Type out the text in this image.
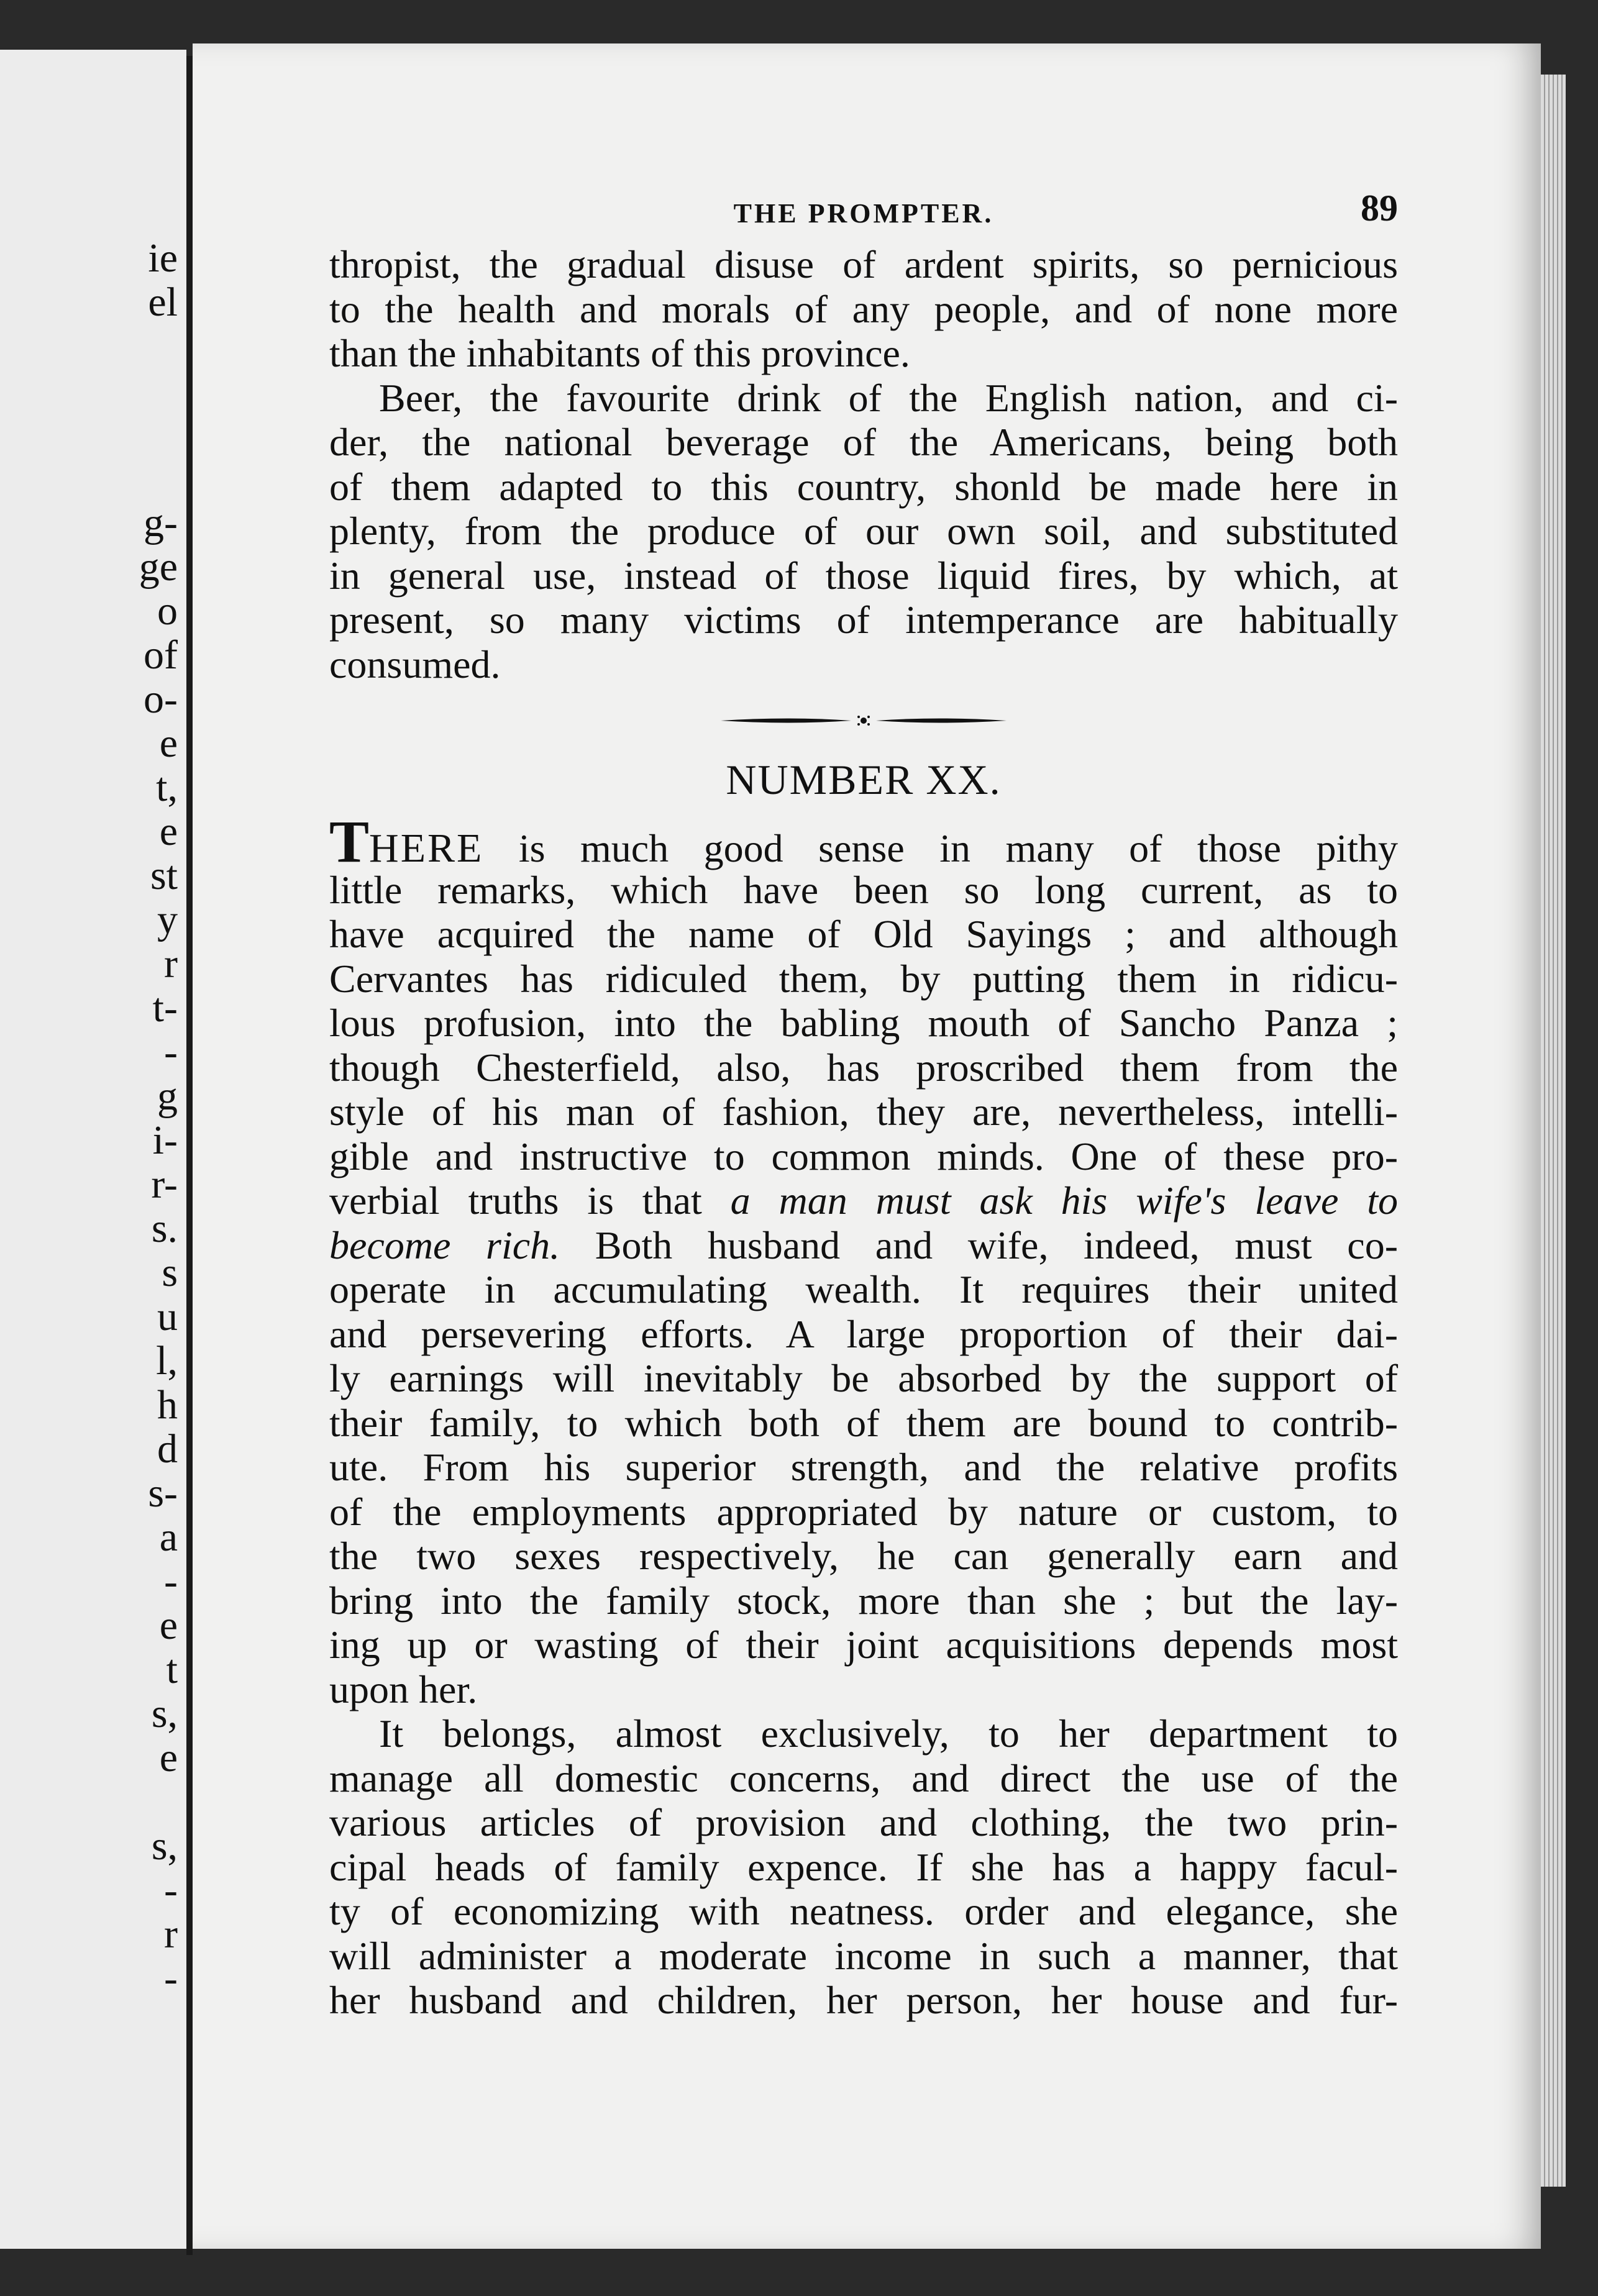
ie
el
g-
ge
o
of
o-
e
t,
e
st
y
r
t-
-
g
i-
r-
s.
s
u
l,
h
d
s-
a
-
e
t
s,
e
s,
-
r
-
THE PROMPTER.	89
thropist, the gradual disuse of ardent spirits, so pernicious
to the health and morals of any people, and of none more
than the inhabitants of this province.
Beer, the favourite drink of the English nation, and ci-
der, the national beverage of the Americans, being both
of them adapted to this country, shonld be made here in
plenty, from the produce of our own soil, and substituted
in general use, instead of those liquid fires, by which, at
present, so many victims of intemperance are habitually
consumed.
NUMBER XX.
THERE is much good sense in many of those pithy
little remarks, which have been so long current, as to
have acquired the name of Old Sayings ; and although
Cervantes has ridiculed them, by putting them in ridicu-
lous profusion, into the babling mouth of Sancho Panza ;
though Chesterfield, also, has proscribed them from the
style of his man of fashion, they are, nevertheless, intelli-
gible and instructive to common minds. One of these pro-
verbial truths is that a man must ask his wife's leave to
become rich. Both husband and wife, indeed, must co-
operate in accumulating wealth. It requires their united
and persevering efforts. A large proportion of their dai-
ly earnings will inevitably be absorbed by the support of
their family, to which both of them are bound to contrib-
ute. From his superior strength, and the relative profits
of the employments appropriated by nature or custom, to
the two sexes respectively, he can generally earn and
bring into the family stock, more than she ; but the lay-
ing up or wasting of their joint acquisitions depends most
upon her.
It belongs, almost exclusively, to her department to
manage all domestic concerns, and direct the use of the
various articles of provision and clothing, the two prin-
cipal heads of family expence. If she has a happy facul-
ty of economizing with neatness. order and elegance, she
will administer a moderate income in such a manner, that
her husband and children, her person, her house and fur-
